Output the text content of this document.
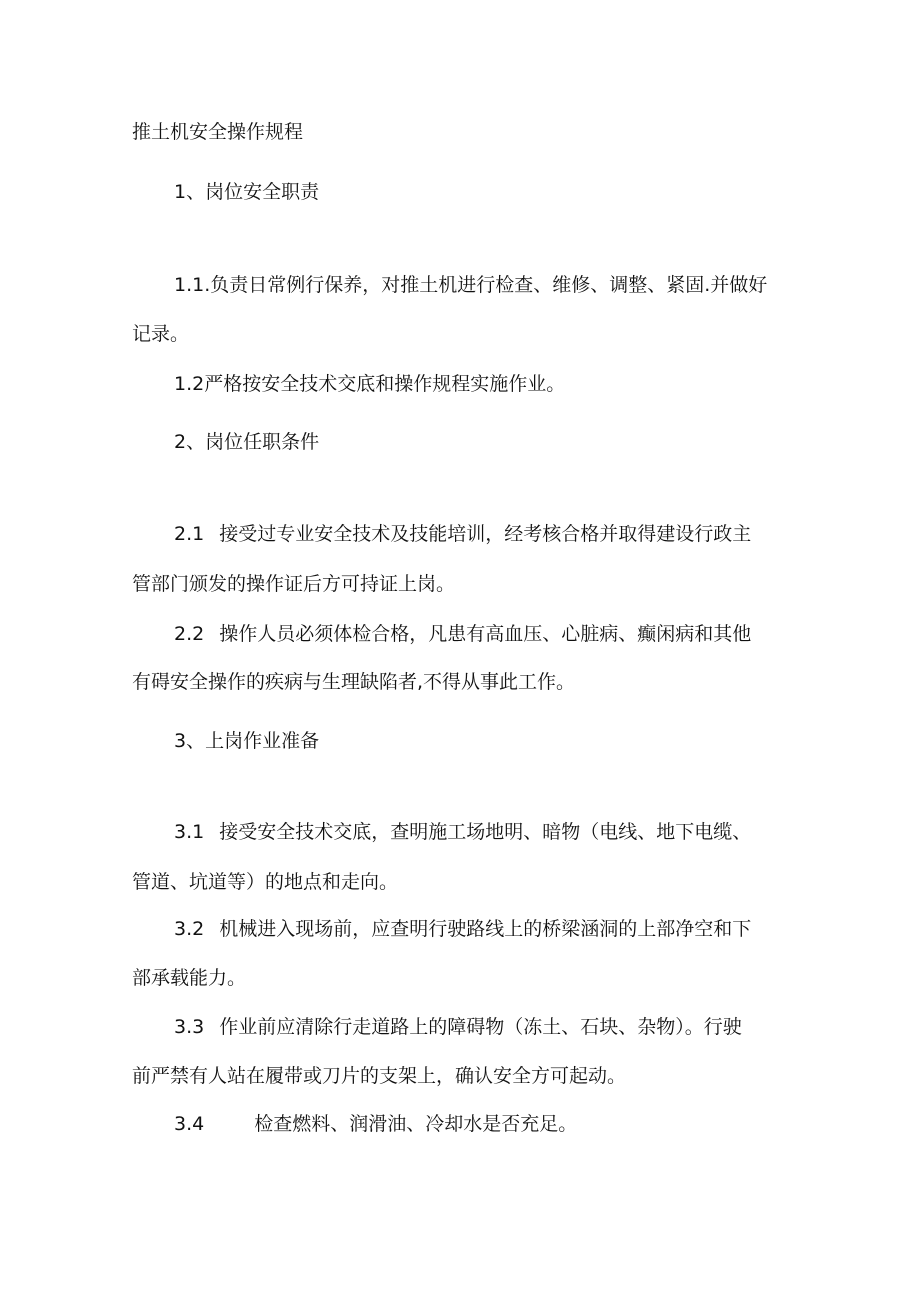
推土机安全操作规程
1、岗位安全职责
1.1.负责日常例行保养，对推土机进行检查、维修、调整、紧固.并做好
记录。
1.2严格按安全技术交底和操作规程实施作业。
2、岗位任职条件
2.1 接受过专业安全技术及技能培训，经考核合格并取得建设行政主
管部门颁发的操作证后方可持证上岗。
2.2 操作人员必须体检合格，凡患有高血压、心脏病、癫闲病和其他
有碍安全操作的疾病与生理缺陷者,不得从事此工作。
3、上岗作业准备
3.1 接受安全技术交底，查明施工场地明、暗物（电线、地下电缆、
管道、坑道等）的地点和走向。
3.2 机械进入现场前，应查明行驶路线上的桥梁涵洞的上部净空和下
部承载能力。
3.3 作业前应清除行走道路上的障碍物（冻土、石块、杂物）。行驶
前严禁有人站在履带或刀片的支架上，确认安全方可起动。
3.4	检查燃料、润滑油、冷却水是否充足。
